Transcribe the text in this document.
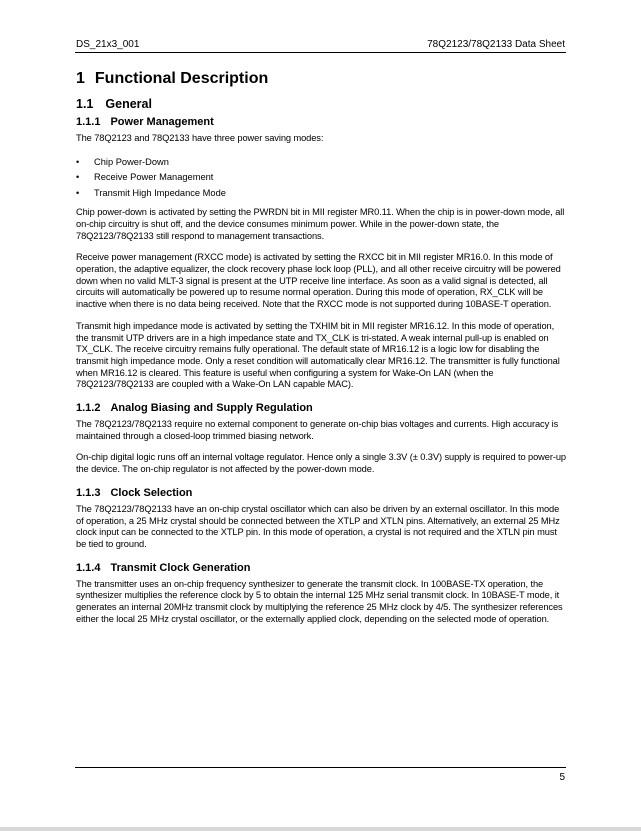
DS_21x3_001	78Q2123/78Q2133 Data Sheet
1 Functional Description
1.1 General
1.1.1 Power Management

The 78Q2123 and 78Q2133 have three power saving modes:

• Chip Power-Down
• Receive Power Management
• Transmit High Impedance Mode

Chip power-down is activated by setting the PWRDN bit in MII register MR0.11. When the chip is in power-down mode, all on-chip circuitry is shut off, and the device consumes minimum power. While in the power-down state, the 78Q2123/78Q2133 still respond to management transactions.

Receive power management (RXCC mode) is activated by setting the RXCC bit in MII register MR16.0. In this mode of operation, the adaptive equalizer, the clock recovery phase lock loop (PLL), and all other receive circuitry will be powered down when no valid MLT-3 signal is present at the UTP receive line interface. As soon as a valid signal is detected, all circuits will automatically be powered up to resume normal operation. During this mode of operation, RX_CLK will be inactive when there is no data being received. Note that the RXCC mode is not supported during 10BASE-T operation.

Transmit high impedance mode is activated by setting the TXHIM bit in MII register MR16.12. In this mode of operation, the transmit UTP drivers are in a high impedance state and TX_CLK is tri-stated. A weak internal pull-up is enabled on TX_CLK. The receive circuitry remains fully operational. The default state of MR16.12 is a logic low for disabling the transmit high impedance mode. Only a reset condition will automatically clear MR16.12. The transmitter is fully functional when MR16.12 is cleared. This feature is useful when configuring a system for Wake-On LAN (when the 78Q2123/78Q2133 are coupled with a Wake-On LAN capable MAC).

1.1.2 Analog Biasing and Supply Regulation

The 78Q2123/78Q2133 require no external component to generate on-chip bias voltages and currents. High accuracy is maintained through a closed-loop trimmed biasing network.

On-chip digital logic runs off an internal voltage regulator. Hence only a single 3.3V (± 0.3V) supply is required to power-up the device. The on-chip regulator is not affected by the power-down mode.

1.1.3 Clock Selection

The 78Q2123/78Q2133 have an on-chip crystal oscillator which can also be driven by an external oscillator. In this mode of operation, a 25 MHz crystal should be connected between the XTLP and XTLN pins. Alternatively, an external 25 MHz clock input can be connected to the XTLP pin. In this mode of operation, a crystal is not required and the XTLN pin must be tied to ground.

1.1.4 Transmit Clock Generation

The transmitter uses an on-chip frequency synthesizer to generate the transmit clock. In 100BASE-TX operation, the synthesizer multiplies the reference clock by 5 to obtain the internal 125 MHz serial transmit clock. In 10BASE-T mode, it generates an internal 20MHz transmit clock by multiplying the reference 25 MHz clock by 4/5. The synthesizer references either the local 25 MHz crystal oscillator, or the externally applied clock, depending on the selected mode of operation.

5
